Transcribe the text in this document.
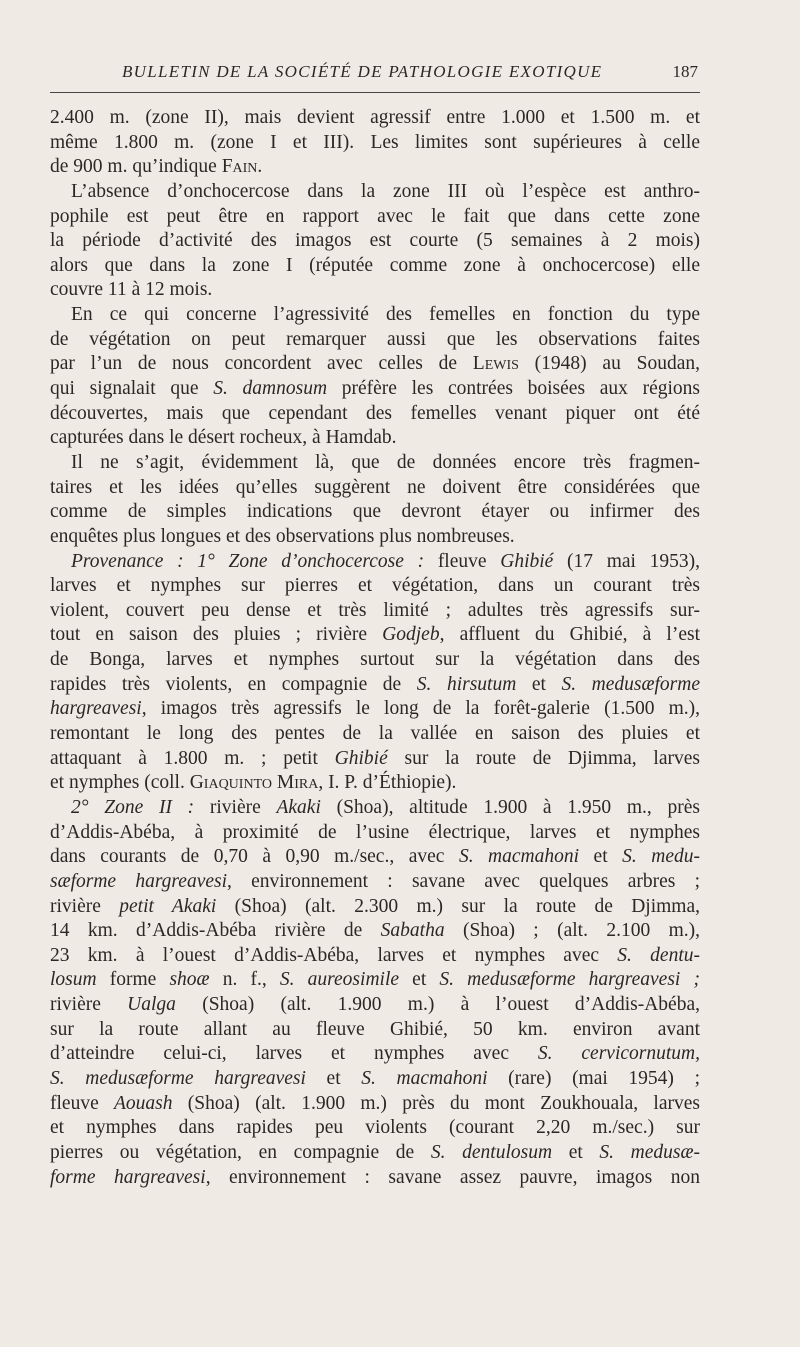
BULLETIN DE LA SOCIÉTÉ DE PATHOLOGIE EXOTIQUE	187
2.400 m. (zone II), mais devient agressif entre 1.000 et 1.500 m. et
même 1.800 m. (zone I et III). Les limites sont supérieures à celle
de 900 m. qu’indique Fain.
L’absence d’onchocercose dans la zone III où l’espèce est anthro-
pophile est peut être en rapport avec le fait que dans cette zone
la période d’activité des imagos est courte (5 semaines à 2 mois)
alors que dans la zone I (réputée comme zone à onchocercose) elle
couvre 11 à 12 mois.
En ce qui concerne l’agressivité des femelles en fonction du type
de végétation on peut remarquer aussi que les observations faites
par l’un de nous concordent avec celles de Lewis (1948) au Soudan,
qui signalait que S. damnosum préfère les contrées boisées aux régions
découvertes, mais que cependant des femelles venant piquer ont été
capturées dans le désert rocheux, à Hamdab.
Il ne s’agit, évidemment là, que de données encore très fragmen-
taires et les idées qu’elles suggèrent ne doivent être considérées que
comme de simples indications que devront étayer ou infirmer des
enquêtes plus longues et des observations plus nombreuses.
Provenance : 1° Zone d’onchocercose : fleuve Ghibié (17 mai 1953),
larves et nymphes sur pierres et végétation, dans un courant très
violent, couvert peu dense et très limité ; adultes très agressifs sur-
tout en saison des pluies ; rivière Godjeb, affluent du Ghibié, à l’est
de Bonga, larves et nymphes surtout sur la végétation dans des
rapides très violents, en compagnie de S. hirsutum et S. medusæforme
hargreavesi, imagos très agressifs le long de la forêt-galerie (1.500 m.),
remontant le long des pentes de la vallée en saison des pluies et
attaquant à 1.800 m. ; petit Ghibié sur la route de Djimma, larves
et nymphes (coll. Giaquinto Mira, I. P. d’Éthiopie).
2° Zone II : rivière Akaki (Shoa), altitude 1.900 à 1.950 m., près
d’Addis-Abéba, à proximité de l’usine électrique, larves et nymphes
dans courants de 0,70 à 0,90 m./sec., avec S. macmahoni et S. medu-
sæforme hargreavesi, environnement : savane avec quelques arbres ;
rivière petit Akaki (Shoa) (alt. 2.300 m.) sur la route de Djimma,
14 km. d’Addis-Abéba rivière de Sabatha (Shoa) ; (alt. 2.100 m.),
23 km. à l’ouest d’Addis-Abéba, larves et nymphes avec S. dentu-
losum forme shoæ n. f., S. aureosimile et S. medusæforme hargreavesi ;
rivière Ualga (Shoa) (alt. 1.900 m.) à l’ouest d’Addis-Abéba,
sur la route allant au fleuve Ghibié, 50 km. environ avant
d’atteindre celui-ci, larves et nymphes avec S. cervicornutum,
S. medusæforme hargreavesi et S. macmahoni (rare) (mai 1954) ;
fleuve Aouash (Shoa) (alt. 1.900 m.) près du mont Zoukhouala, larves
et nymphes dans rapides peu violents (courant 2,20 m./sec.) sur
pierres ou végétation, en compagnie de S. dentulosum et S. medusæ-
forme hargreavesi, environnement : savane assez pauvre, imagos non
